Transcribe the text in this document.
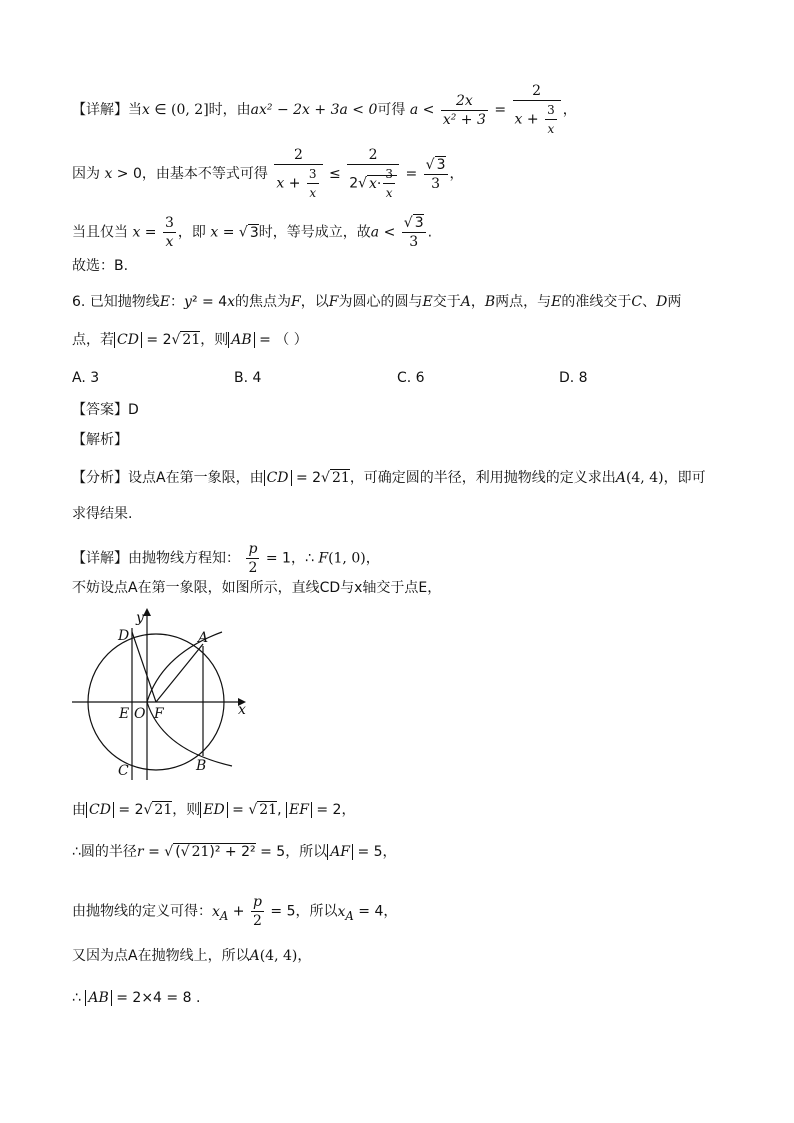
【详解】当x ∈ (0, 2]时，由ax² − 2x + 3a < 0可得 $a < \frac{2x}{\text{x² + 3}} = \frac{2}{x + \frac{3}{x}}$ ，
因为 x > 0，由基本不等式可得 $\frac{2}{x + \frac{3}{x}} \le \frac{2}{2√ x\cdot \frac{3}{x}} = \frac{√ 3}{3}$ ，
当且仅当 $x = \frac{3}{x}$ ，即 x = √ 3时，等号成立，故$a < \frac{√ 3}{3}$ .
故选：B.
6. 已知抛物线E：y² = 4x的焦点为F，以F为圆心的圆与E交于A，B两点，与E的准线交于C、D两
点，若 CD = 2√ 21，则 AB = （ ）
A. 3	B. 4	C. 6	D. 8
【答案】D
【解析】
【分析】设点A在第一象限，由 CD = 2√ 21，可确定圆的半径，利用抛物线的定义求出A(4, 4)，即可
求得结果.
【详解】由抛物线方程知： $\frac{p}{2} = 1$，∴ F(1, 0)，
不妨设点A在第一象限，如图所示，直线CD与x轴交于点E，
x
y
D	A
E O F
C	B
由 CD = 2√ 21，则 ED = √ 21, EF = 2，
∴圆的半径r = √ (√ 21)² + 2² = 5，所以 AF = 5，
由抛物线的定义可得：$x_A + \frac{p}{2} = 5$，所以$x_A = 4$，
又因为点A在抛物线上，所以A(4, 4)，
∴ AB = 2×4 = 8 .
